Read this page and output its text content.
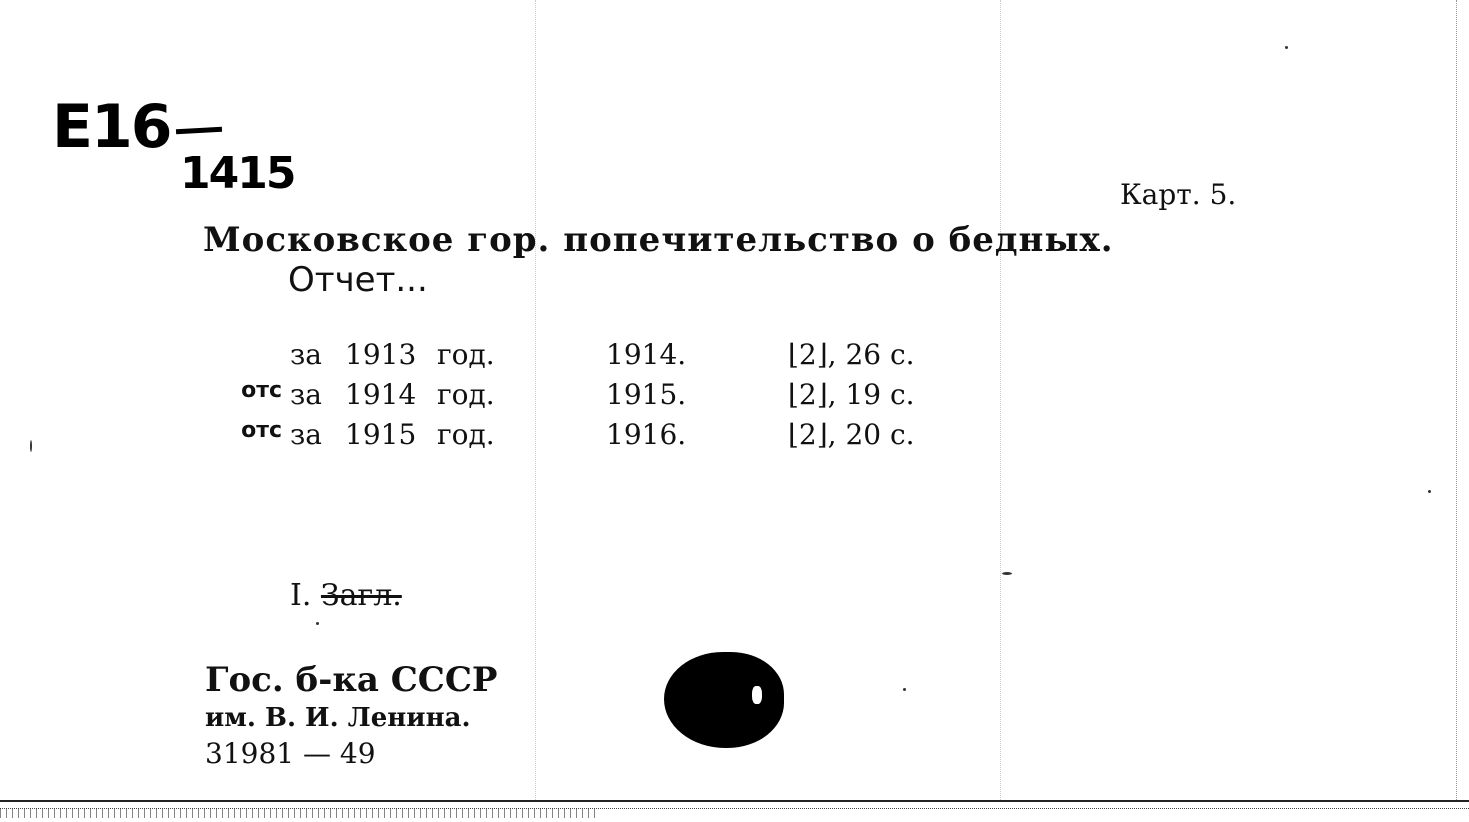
E16
1415	Карт. 5.
Московское гор. попечительство о бедных.
Отчет...
за 1913 год.	1914.	⌊2⌋, 26 с.
отс за 1914 год.	1915.	⌊2⌋, 19 с.
отс за 1915 год.	1916.	⌊2⌋, 20 с.
I. Загл.
Гос. б-ка СССР
им. В. И. Ленина.
31981 — 49
